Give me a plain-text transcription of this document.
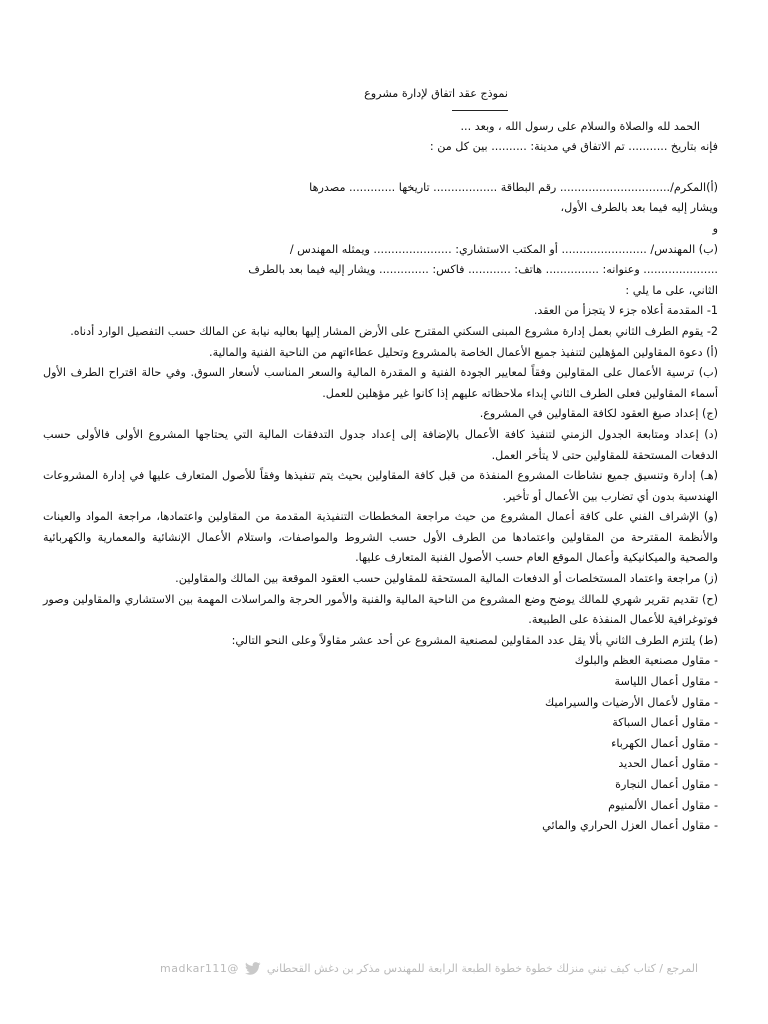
نموذج عقد اتفاق لإدارة مشروع

الحمد لله والصلاة والسلام على رسول الله ، وبعد ...

فإنه بتاريخ ........... تم الاتفاق في مدينة: .......... بين كل من :

(أ)المكرم/............................... رقم البطاقة .................. تاريخها ............. مصدرها

ويشار إليه فيما بعد بالطرف الأول،

و

(ب) المهندس/ ........................ أو المكتب الاستشاري: ...................... ويمثله المهندس /

..................... وعنوانه: ............... هاتف: ............ فاكس: .............. ويشار إليه فيما بعد بالطرف

الثاني، على ما يلي :

1- المقدمة أعلاه جزء لا يتجزأ من العقد.

2- يقوم الطرف الثاني بعمل إدارة مشروع المبنى السكني المقترح على الأرض المشار إليها بعاليه نيابة عن المالك حسب التفصيل الوارد أدناه.

(أ) دعوة المقاولين المؤهلين لتنفيذ جميع الأعمال الخاصة بالمشروع وتحليل عطاءاتهم من الناحية الفنية والمالية.

(ب) ترسية الأعمال على المقاولين وفقاً لمعايير الجودة الفنية و المقدرة المالية والسعر المناسب لأسعار السوق. وفي حالة اقتراح الطرف الأول أسماء المقاولين فعلى الطرف الثاني إبداء ملاحظاته عليهم إذا كانوا غير مؤهلين للعمل.

(ج) إعداد صيغ العقود لكافة المقاولين في المشروع.

(د) إعداد ومتابعة الجدول الزمني لتنفيذ كافة الأعمال بالإضافة إلى إعداد جدول التدفقات المالية التي يحتاجها المشروع الأولى فالأولى حسب الدفعات المستحقة للمقاولين حتى لا يتأخر العمل.

(هـ) إدارة وتنسيق جميع نشاطات المشروع المنفذة من قبل كافة المقاولين بحيث يتم تنفيذها وفقاً للأصول المتعارف عليها في إدارة المشروعات الهندسية بدون أي تضارب بين الأعمال أو تأخير.

(و) الإشراف الفني على كافة أعمال المشروع من حيث مراجعة المخططات التنفيذية المقدمة من المقاولين واعتمادها، مراجعة المواد والعينات والأنظمة المقترحة من المقاولين واعتمادها من الطرف الأول حسب الشروط والمواصفات، واستلام الأعمال الإنشائية والمعمارية والكهربائية والصحية والميكانيكية وأعمال الموقع العام حسب الأصول الفنية المتعارف عليها.

(ز) مراجعة واعتماد المستخلصات أو الدفعات المالية المستحقة للمقاولين حسب العقود الموقعة بين المالك والمقاولين.

(ح) تقديم تقرير شهري للمالك يوضح وضع المشروع من الناحية المالية والفنية والأمور الحرجة والمراسلات المهمة بين الاستشاري والمقاولين وصور فوتوغرافية للأعمال المنفذة على الطبيعة.

(ط) يلتزم الطرف الثاني بألا يقل عدد المقاولين لمصنعية المشروع عن أحد عشر مقاولاً وعلى النحو التالي:

- مقاول مصنعية العظم والبلوك
- مقاول أعمال اللياسة
- مقاول لأعمال الأرضيات والسيراميك
- مقاول أعمال السباكة
- مقاول أعمال الكهرباء
- مقاول أعمال الحديد
- مقاول أعمال النجارة
- مقاول أعمال الألمنيوم
- مقاول أعمال العزل الحراري والمائي
المرجع / كتاب كيف تبني منزلك خطوة خطوة الطبعة الرابعة للمهندس مذكر بن دغش القحطاني
madkar111@
